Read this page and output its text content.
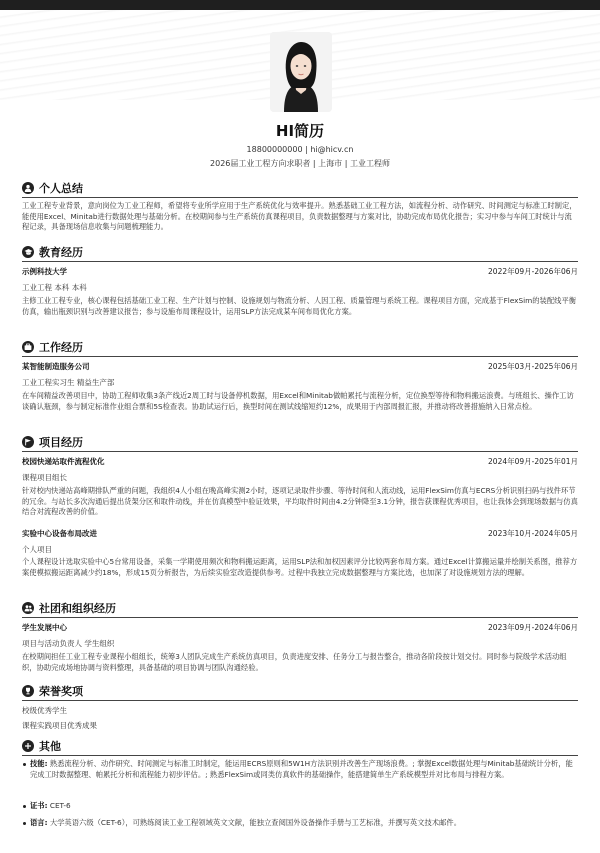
HI简历
18800000000 | hi@hicv.cn
2026届工业工程方向求职者 | 上海市 | 工业工程师
个人总结
工业工程专业背景，意向岗位为工业工程师，希望将专业所学应用于生产系统优化与效率提升。熟悉基础工业工程方法，如流程分析、动作研究、时间测定与标准工时制定，能使用Excel、Minitab进行数据处理与基础分析。在校期间参与生产系统仿真课程项目，负责数据整理与方案对比，协助完成布局优化报告；实习中参与车间工时统计与流程记录，具备现场信息收集与问题梳理能力。
教育经历
示例科技大学	2022年09月-2026年06月
工业工程 本科 本科
主修工业工程专业，核心课程包括基础工业工程、生产计划与控制、设施规划与物流分析、人因工程、质量管理与系统工程。课程项目方面，完成基于FlexSim的装配线平衡仿真，输出瓶颈识别与改善建议报告；参与设施布局课程设计，运用SLP方法完成某车间布局优化方案。
工作经历
某智能制造服务公司	2025年03月-2025年06月
工业工程实习生 精益生产部
在车间精益改善项目中，协助工程师收集3条产线近2周工时与设备停机数据，用Excel和Minitab做帕累托与流程分析，定位换型等待和物料搬运浪费。与班组长、操作工访谈确认瓶颈，参与制定标准作业组合票和5S检查表。协助试运行后，换型时间在测试线缩短约12%，成果用于内部周报汇报，并推动将改善措施纳入日常点检。
项目经历
校园快递站取件流程优化	2024年09月-2025年01月
课程项目组长
针对校内快递站高峰期排队严重的问题，我组织4人小组在晚高峰实测2小时，逐项记录取件步骤、等待时间和人流动线，运用FlexSim仿真与ECRS分析识别扫码与找件环节的冗余。与站长多次沟通后提出货架分区和取件动线，并在仿真模型中验证效果，平均取件时间由4.2分钟降至3.1分钟，报告获课程优秀项目，也让我体会到现场数据与仿真结合对流程改善的价值。
实验中心设备布局改进	2023年10月-2024年05月
个人项目
个人课程设计选取实验中心5台常用设备，采集一学期使用频次和物料搬运距离，运用SLP法和加权因素评分比较两套布局方案。通过Excel计算搬运量并绘制关系图，推荐方案使模拟搬运距离减少约18%，形成15页分析报告，为后续实验室改造提供参考。过程中我独立完成数据整理与方案比选，也加深了对设施规划方法的理解。
社团和组织经历
学生发展中心	2023年09月-2024年06月
项目与活动负责人 学生组织
在校期间担任工业工程专业课程小组组长，统筹3人团队完成生产系统仿真项目，负责进度安排、任务分工与报告整合，推动各阶段按计划交付。同时参与院级学术活动组织，协助完成场地协调与资料整理，具备基础的项目协调与团队沟通经验。
荣誉奖项
校级优秀学生
课程实践项目优秀成果
其他
技能: 熟悉流程分析、动作研究、时间测定与标准工时制定，能运用ECRS原则和5W1H方法识别并改善生产现场浪费。; 掌握Excel数据处理与Minitab基础统计分析，能完成工时数据整理、帕累托分析和流程能力初步评估。; 熟悉FlexSim或同类仿真软件的基础操作，能搭建简单生产系统模型并对比布局与排程方案。
证书: CET-6
语言: 大学英语六级（CET-6），可熟练阅读工业工程领域英文文献，能独立查阅国外设备操作手册与工艺标准，并撰写英文技术邮件。
